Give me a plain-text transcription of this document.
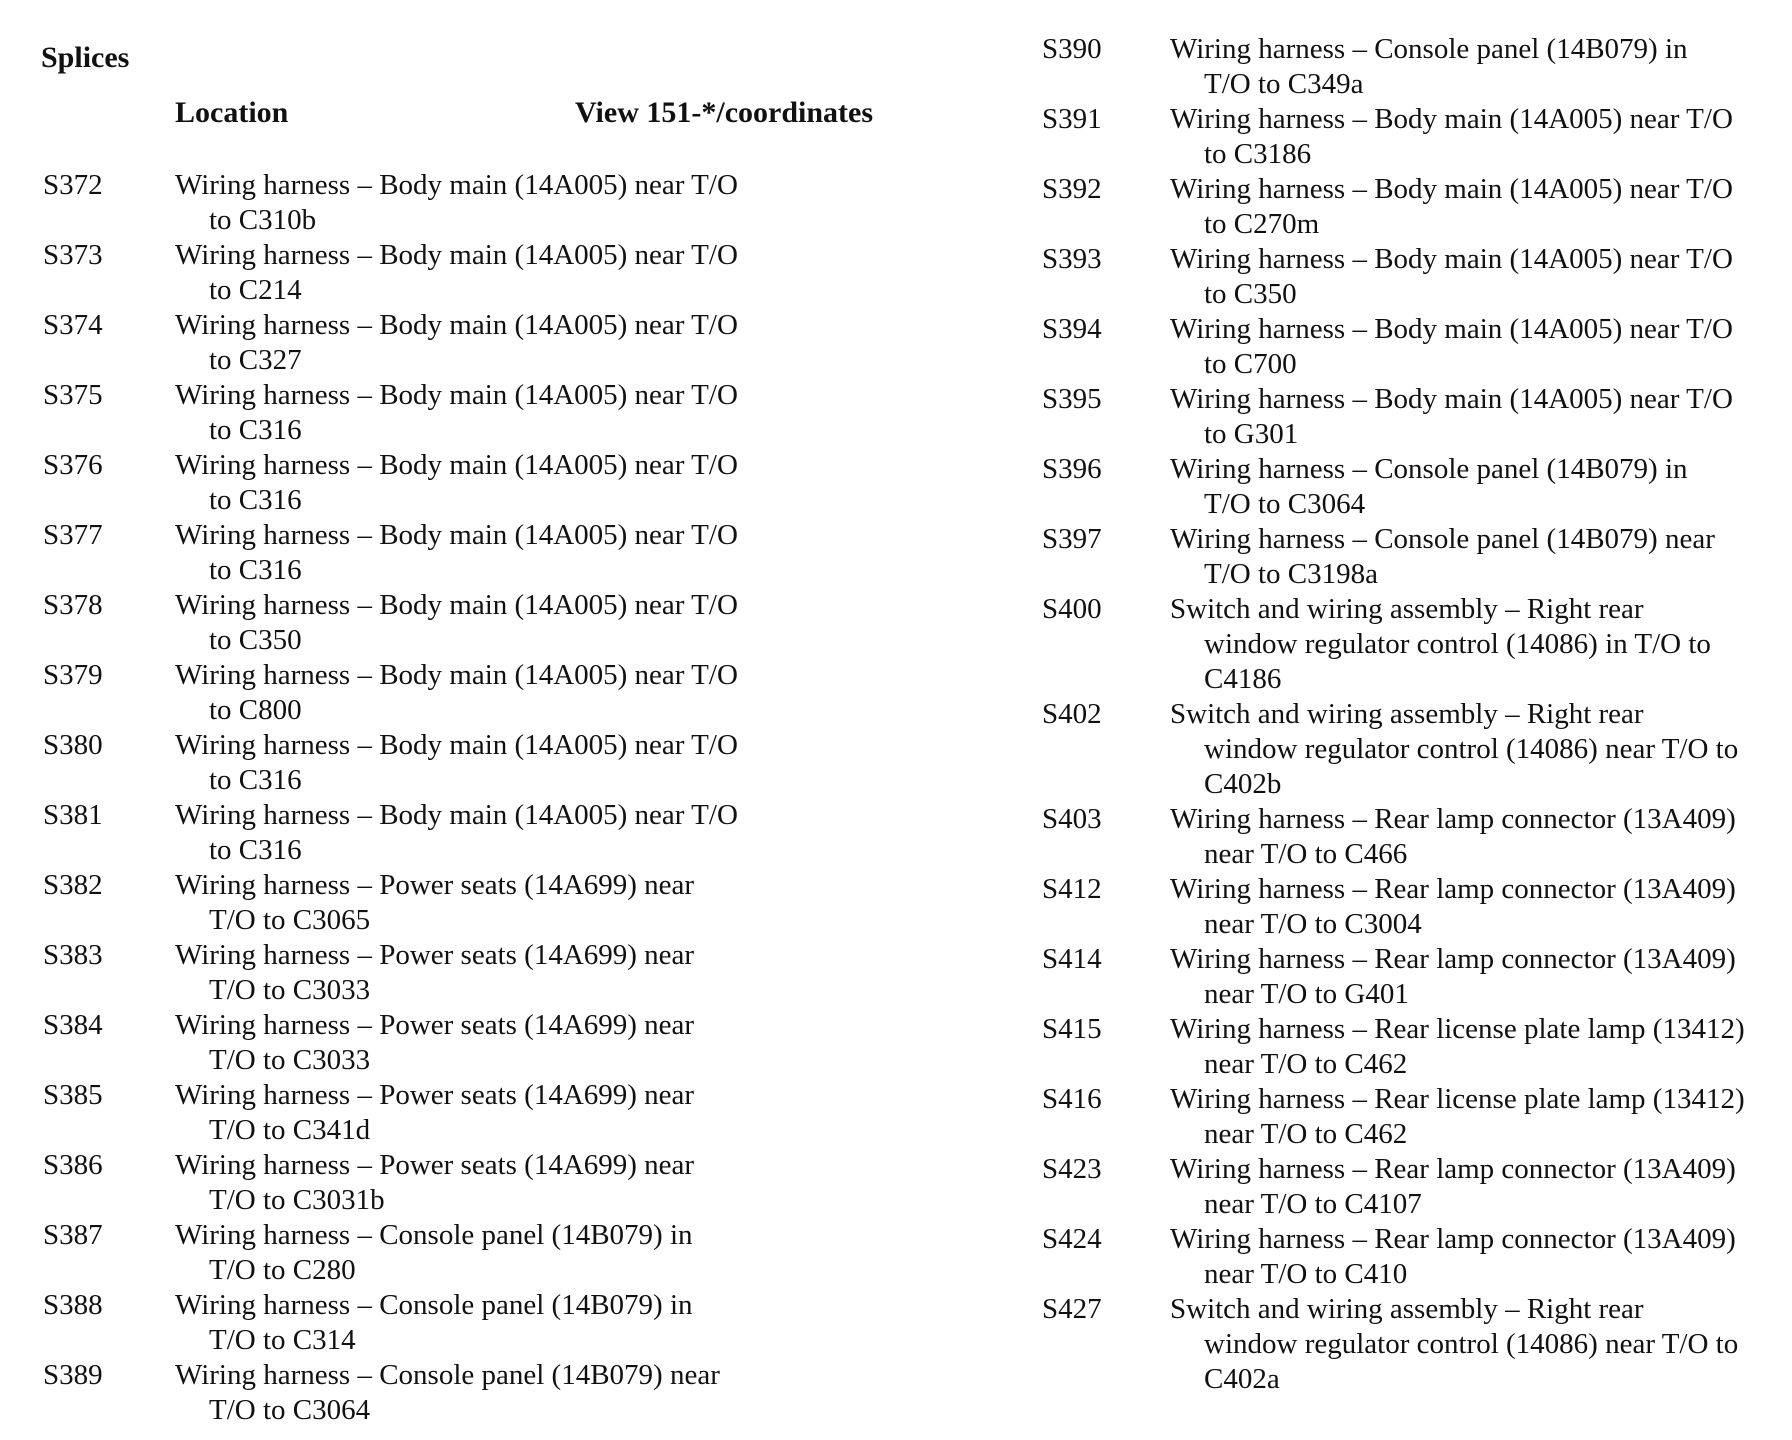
Splices
Location	View 151-*/coordinates
S372 Wiring harness – Body main (14A005) near T/O
to C310b
S373 Wiring harness – Body main (14A005) near T/O
to C214
S374 Wiring harness – Body main (14A005) near T/O
to C327
S375 Wiring harness – Body main (14A005) near T/O
to C316
S376 Wiring harness – Body main (14A005) near T/O
to C316
S377 Wiring harness – Body main (14A005) near T/O
to C316
S378 Wiring harness – Body main (14A005) near T/O
to C350
S379 Wiring harness – Body main (14A005) near T/O
to C800
S380 Wiring harness – Body main (14A005) near T/O
to C316
S381 Wiring harness – Body main (14A005) near T/O
to C316
S382 Wiring harness – Power seats (14A699) near
T/O to C3065
S383 Wiring harness – Power seats (14A699) near
T/O to C3033
S384 Wiring harness – Power seats (14A699) near
T/O to C3033
S385 Wiring harness – Power seats (14A699) near
T/O to C341d
S386 Wiring harness – Power seats (14A699) near
T/O to C3031b
S387 Wiring harness – Console panel (14B079) in
T/O to C280
S388 Wiring harness – Console panel (14B079) in
T/O to C314
S389 Wiring harness – Console panel (14B079) near
T/O to C3064
S390 Wiring harness – Console panel (14B079) in
T/O to C349a
S391 Wiring harness – Body main (14A005) near T/O
to C3186
S392 Wiring harness – Body main (14A005) near T/O
to C270m
S393 Wiring harness – Body main (14A005) near T/O
to C350
S394 Wiring harness – Body main (14A005) near T/O
to C700
S395 Wiring harness – Body main (14A005) near T/O
to G301
S396 Wiring harness – Console panel (14B079) in
T/O to C3064
S397 Wiring harness – Console panel (14B079) near
T/O to C3198a
S400 Switch and wiring assembly – Right rear
window regulator control (14086) in T/O to
C4186
S402 Switch and wiring assembly – Right rear
window regulator control (14086) near T/O to
C402b
S403 Wiring harness – Rear lamp connector (13A409)
near T/O to C466
S412 Wiring harness – Rear lamp connector (13A409)
near T/O to C3004
S414 Wiring harness – Rear lamp connector (13A409)
near T/O to G401
S415 Wiring harness – Rear license plate lamp (13412)
near T/O to C462
S416 Wiring harness – Rear license plate lamp (13412)
near T/O to C462
S423 Wiring harness – Rear lamp connector (13A409)
near T/O to C4107
S424 Wiring harness – Rear lamp connector (13A409)
near T/O to C410
S427 Switch and wiring assembly – Right rear
window regulator control (14086) near T/O to
C402a
